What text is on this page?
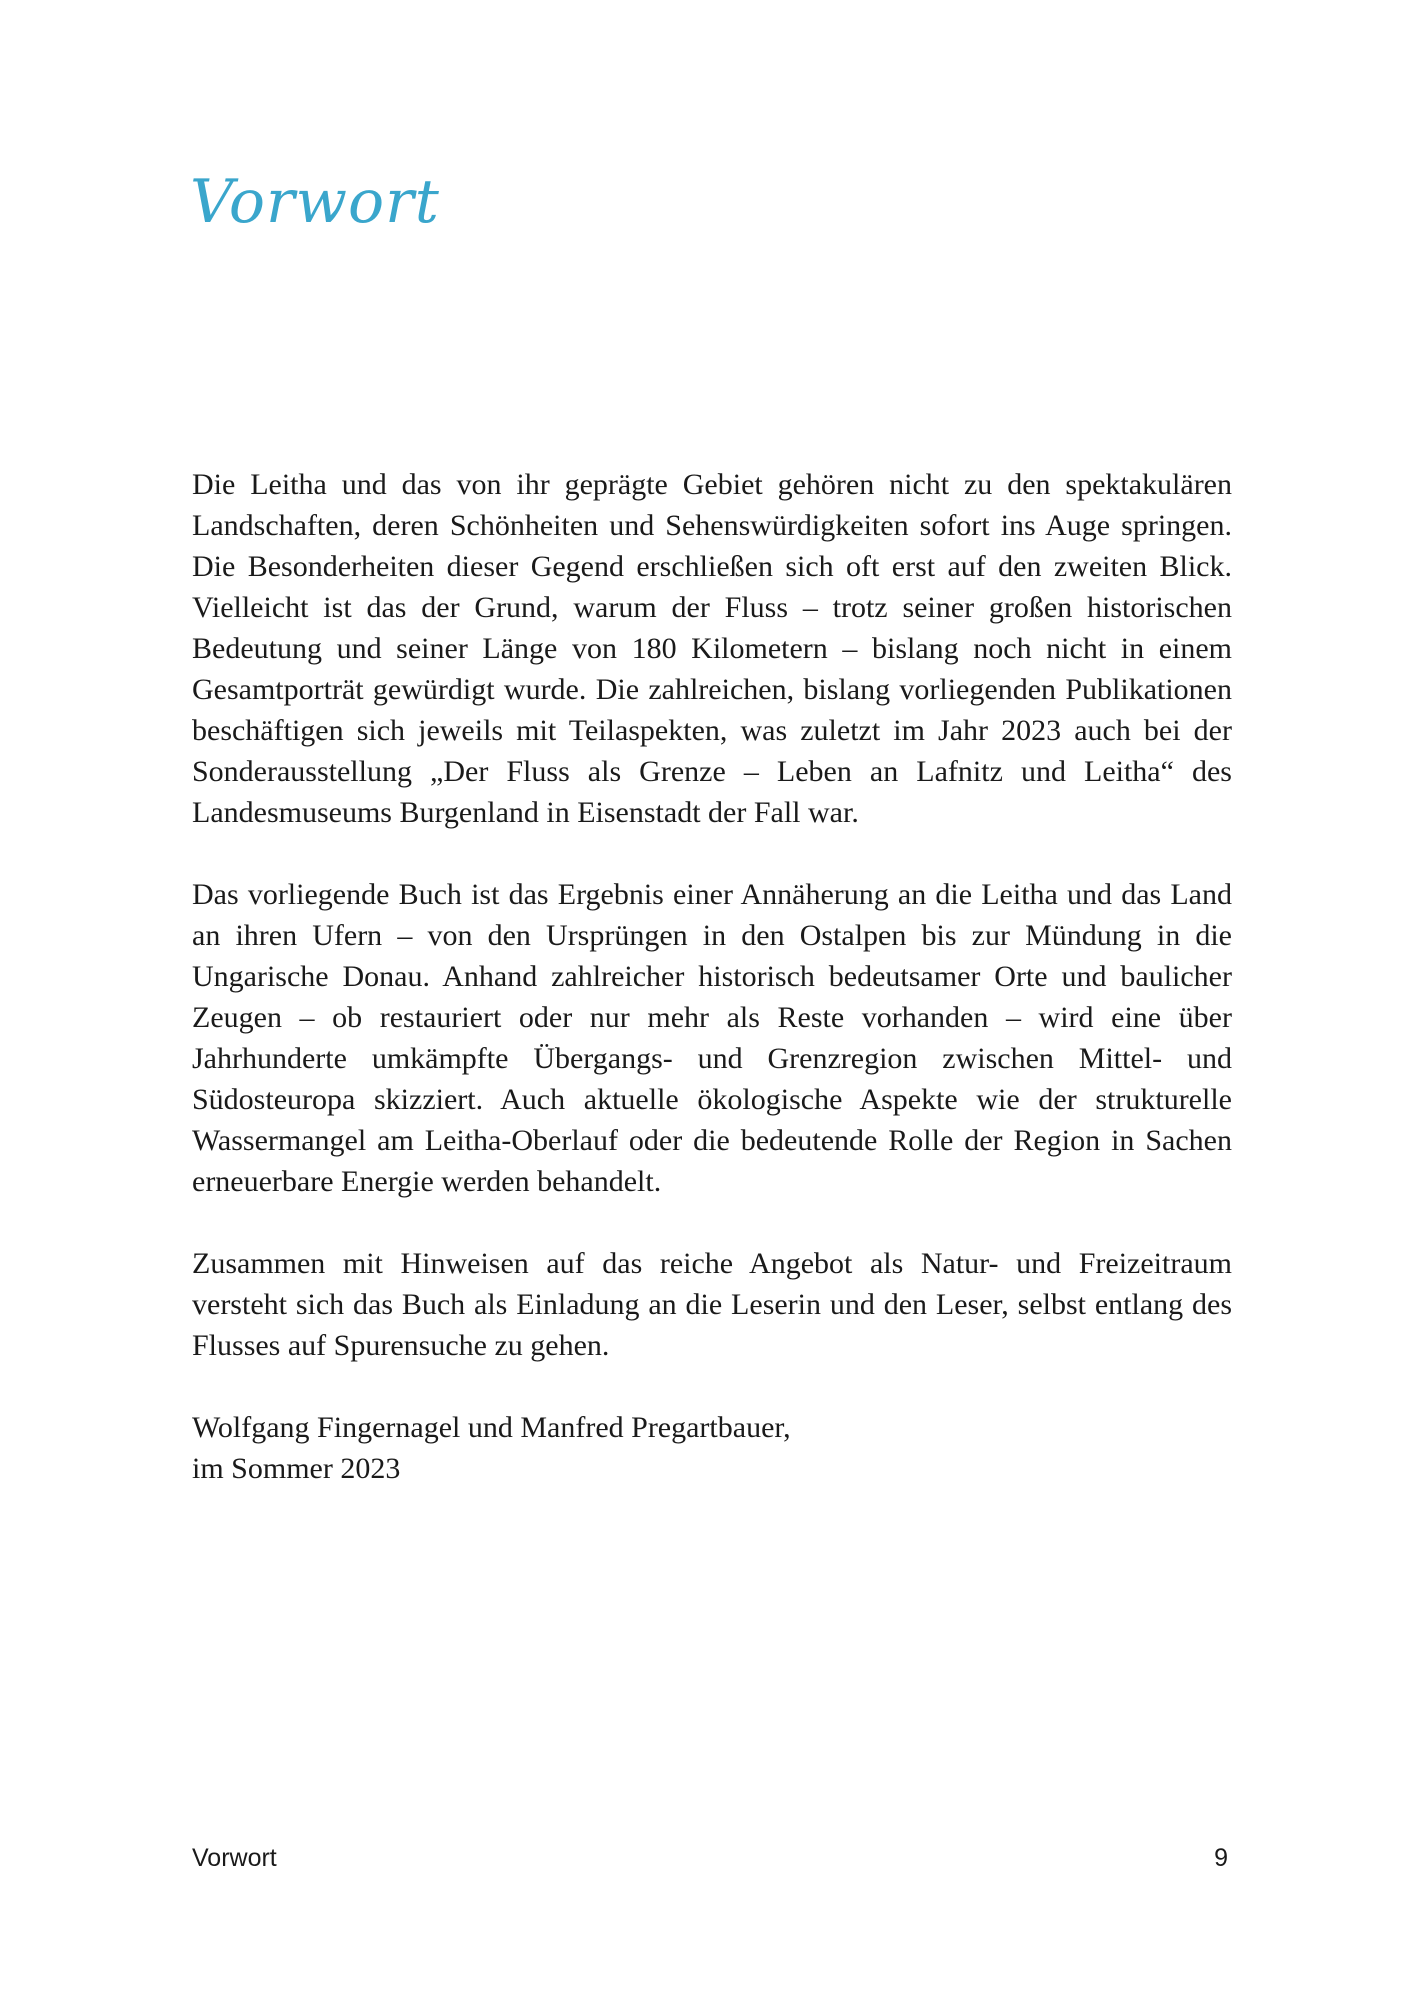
Vorwort

Die Leitha und das von ihr geprägte Gebiet gehören nicht zu den spektakulären Landschaften, deren Schönheiten und Sehenswürdigkeiten sofort ins Auge springen. Die Besonderheiten dieser Gegend erschließen sich oft erst auf den zweiten Blick. Vielleicht ist das der Grund, warum der Fluss – trotz seiner großen historischen Bedeutung und seiner Länge von 180 Kilometern – bislang noch nicht in einem Gesamtporträt gewürdigt wurde. Die zahlreichen, bislang vorliegenden Publikationen beschäftigen sich jeweils mit Teilaspekten, was zuletzt im Jahr 2023 auch bei der Sonderausstellung „Der Fluss als Grenze – Leben an Lafnitz und Leitha“ des Landesmuseums Burgenland in Eisenstadt der Fall war.

Das vorliegende Buch ist das Ergebnis einer Annäherung an die Leitha und das Land an ihren Ufern – von den Ursprüngen in den Ostalpen bis zur Mündung in die Ungarische Donau. Anhand zahlreicher historisch bedeutsamer Orte und baulicher Zeugen – ob restauriert oder nur mehr als Reste vorhanden – wird eine über Jahrhunderte umkämpfte Übergangs- und Grenzregion zwischen Mittel- und Südosteuropa skizziert. Auch aktuelle ökologische Aspekte wie der strukturelle Wassermangel am Leitha-Oberlauf oder die bedeutende Rolle der Region in Sachen erneuerbare Energie werden behandelt.

Zusammen mit Hinweisen auf das reiche Angebot als Natur- und Freizeitraum versteht sich das Buch als Einladung an die Leserin und den Leser, selbst entlang des Flusses auf Spurensuche zu gehen.

Wolfgang Fingernagel und Manfred Pregartbauer,
im Sommer 2023

Vorwort	9
